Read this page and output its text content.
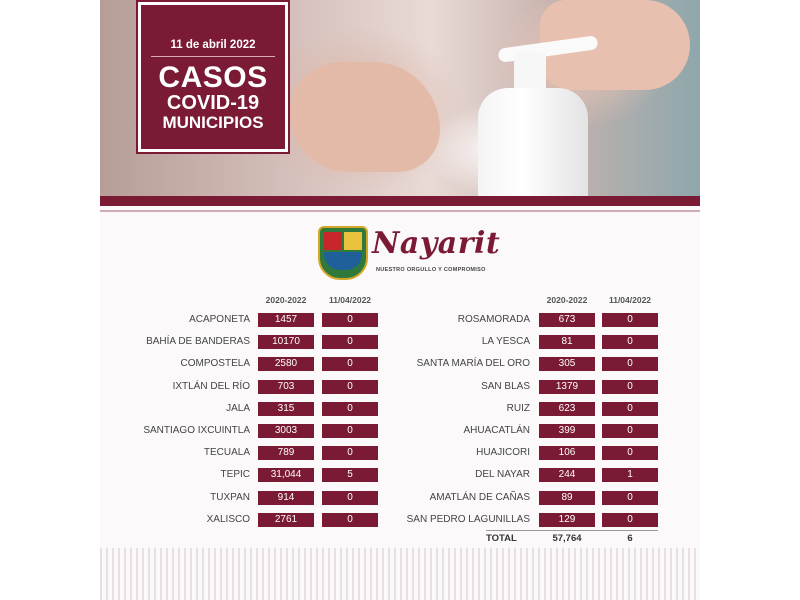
11 de abril 2022
CASOS
COVID-19
MUNICIPIOS
Nayarit
NUESTRO ORGULLO Y COMPROMISO
2020-2022	11/04/2022	2020-2022	11/04/2022
ACAPONETA	1457	0
BAHÍA DE BANDERAS	10170	0
COMPOSTELA	2580	0
IXTLÁN DEL RÍO	703	0
JALA	315	0
SANTIAGO IXCUINTLA	3003	0
TECUALA	789	0
TEPIC	31,044	5
TUXPAN	914	0
XALISCO	2761	0
ROSAMORADA	673	0
LA YESCA	81	0
SANTA MARÍA DEL ORO	305	0
SAN BLAS	1379	0
RUIZ	623	0
AHUACATLÁN	399	0
HUAJICORI	106	0
DEL NAYAR	244	1
AMATLÁN DE CAÑAS	89	0
SAN PEDRO LAGUNILLAS	129	0
TOTAL	57,764	6
